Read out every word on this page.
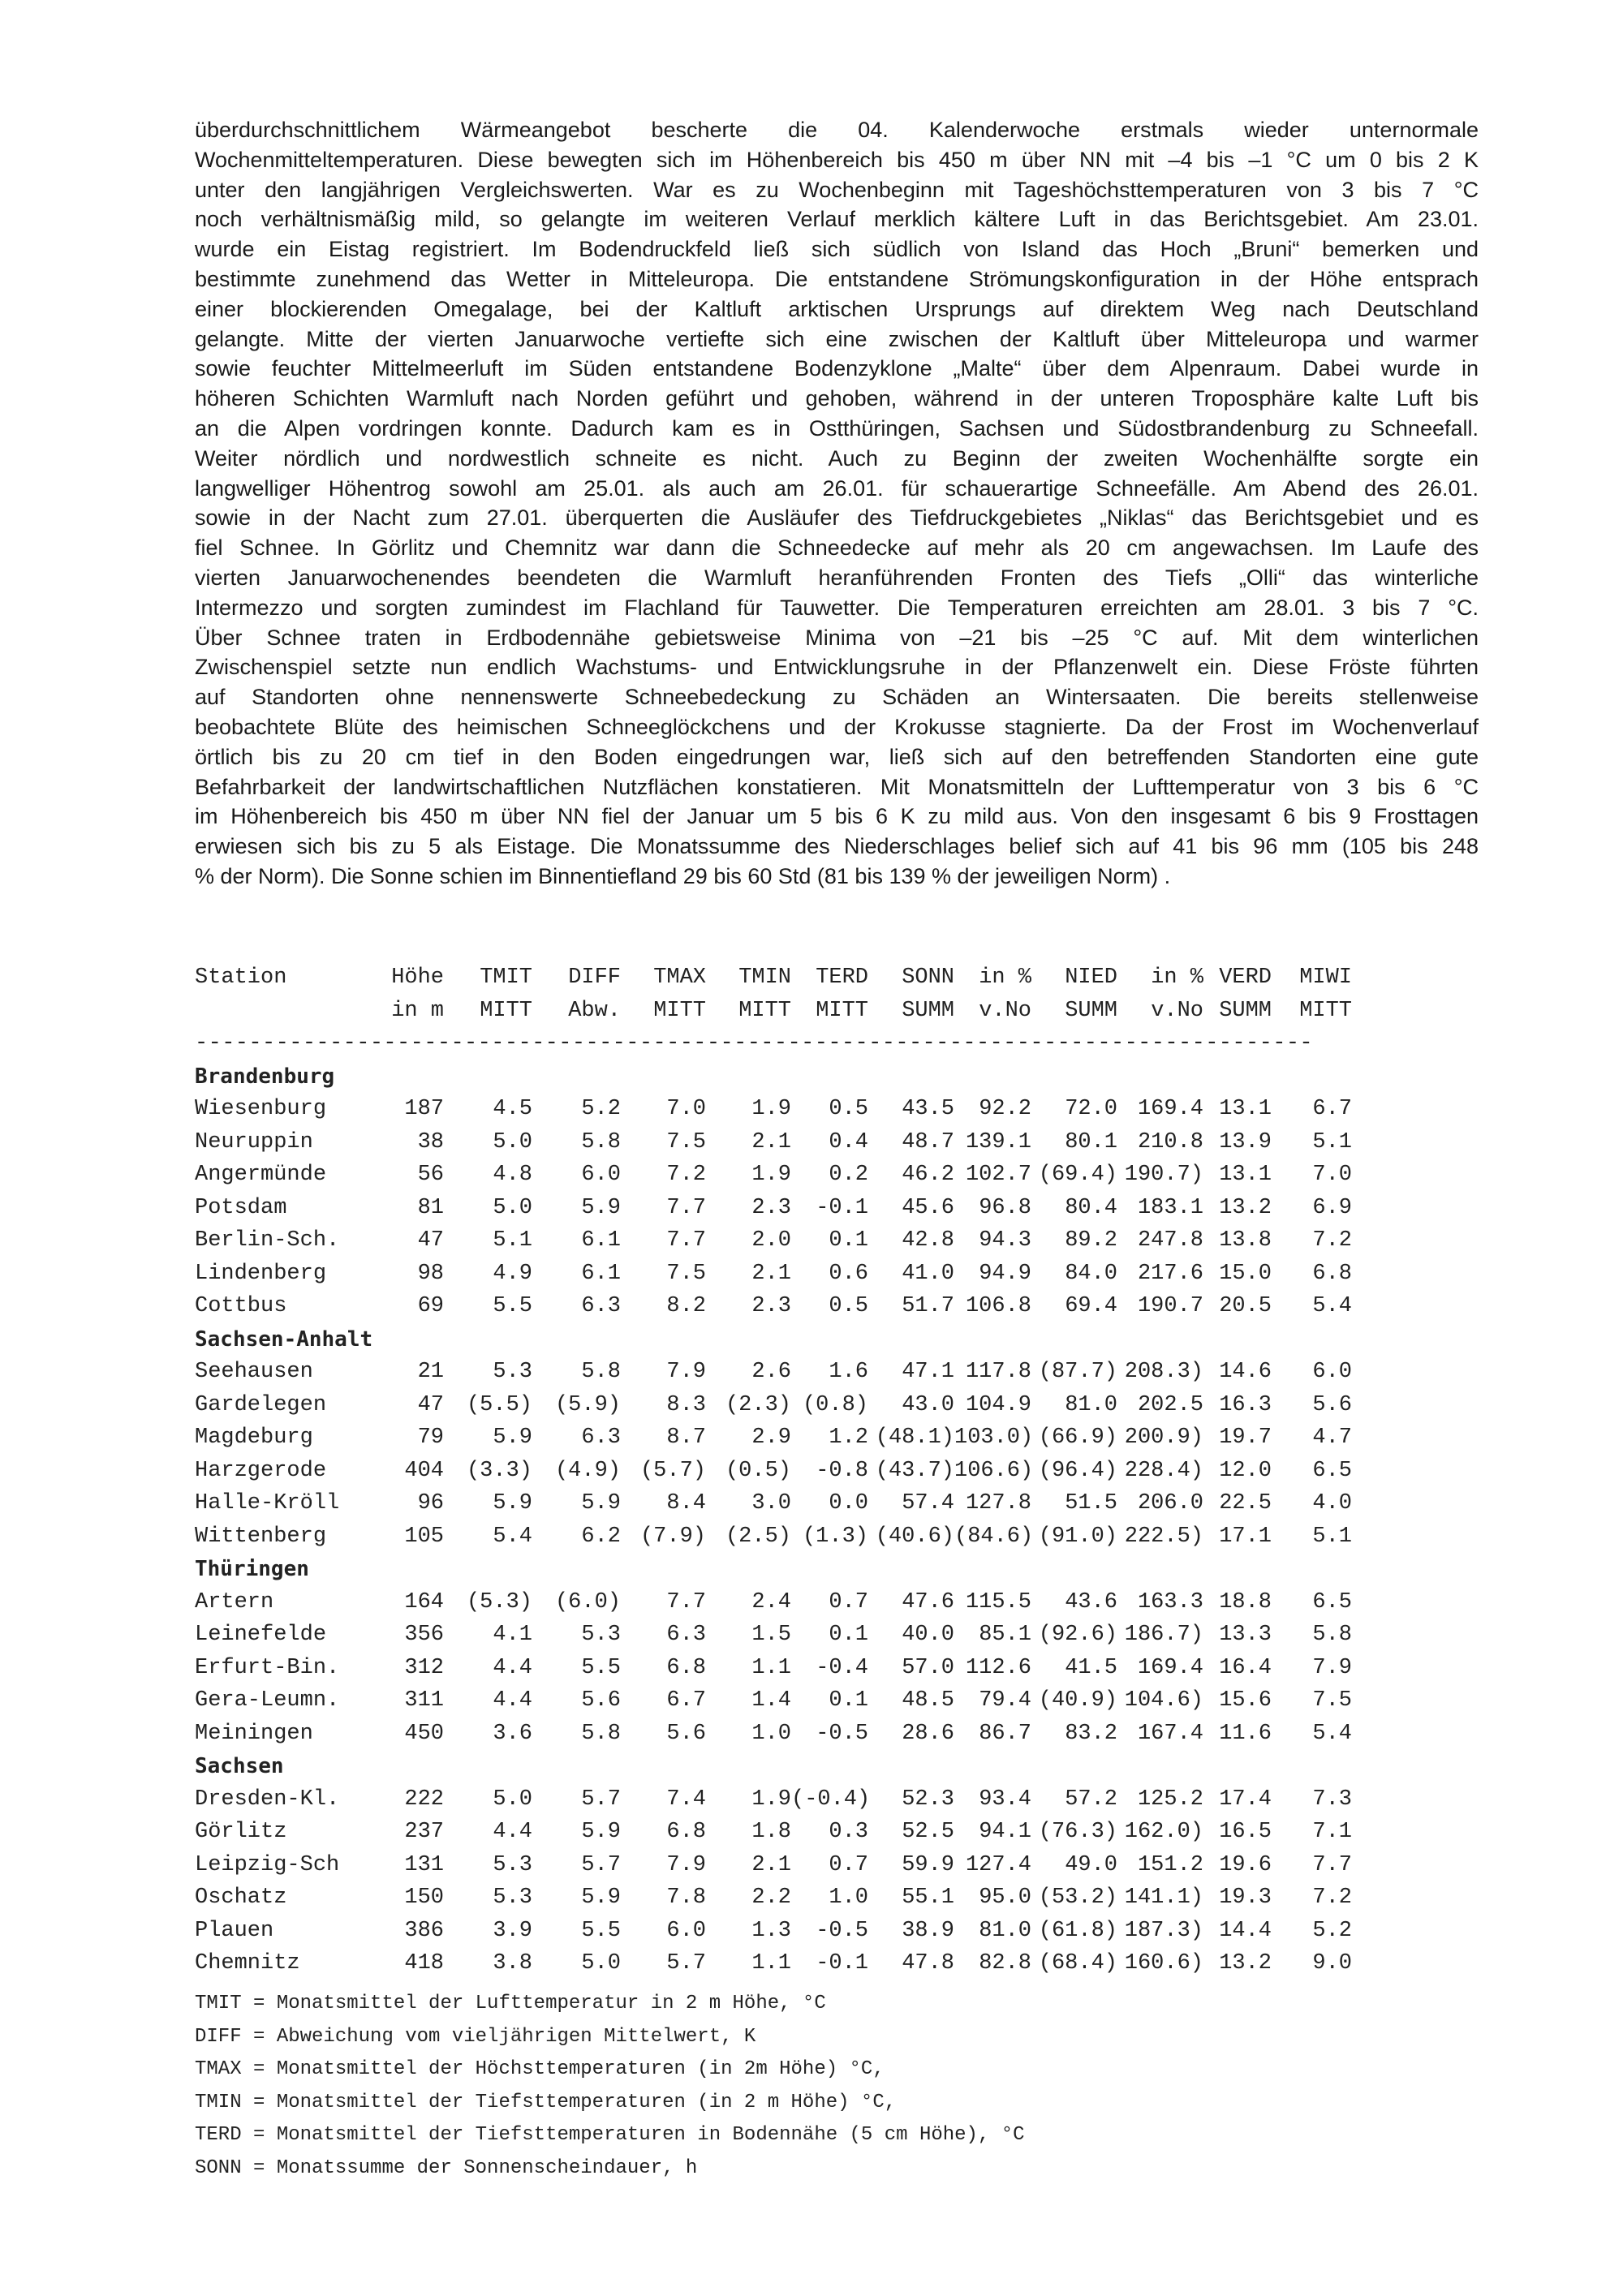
überdurchschnittlichem Wärmeangebot bescherte die 04. Kalenderwoche erstmals wieder unternormale
Wochenmitteltemperaturen. Diese bewegten sich im Höhenbereich bis 450 m über NN mit –4 bis –1 °C um 0 bis 2 K
unter den langjährigen Vergleichswerten. War es zu Wochenbeginn mit Tageshöchsttemperaturen von 3 bis 7 °C
noch verhältnismäßig mild, so gelangte im weiteren Verlauf merklich kältere Luft in das Berichtsgebiet. Am 23.01.
wurde ein Eistag registriert. Im Bodendruckfeld ließ sich südlich von Island das Hoch „Bruni“ bemerken und
bestimmte zunehmend das Wetter in Mitteleuropa. Die entstandene Strömungskonfiguration in der Höhe entsprach
einer blockierenden Omegalage, bei der Kaltluft arktischen Ursprungs auf direktem Weg nach Deutschland
gelangte. Mitte der vierten Januarwoche vertiefte sich eine zwischen der Kaltluft über Mitteleuropa und warmer
sowie feuchter Mittelmeerluft im Süden entstandene Bodenzyklone „Malte“ über dem Alpenraum. Dabei wurde in
höheren Schichten Warmluft nach Norden geführt und gehoben, während in der unteren Troposphäre kalte Luft bis
an die Alpen vordringen konnte. Dadurch kam es in Ostthüringen, Sachsen und Südostbrandenburg zu Schneefall.
Weiter nördlich und nordwestlich schneite es nicht. Auch zu Beginn der zweiten Wochenhälfte sorgte ein
langwelliger Höhentrog sowohl am 25.01. als auch am 26.01. für schauerartige Schneefälle. Am Abend des 26.01.
sowie in der Nacht zum 27.01. überquerten die Ausläufer des Tiefdruckgebietes „Niklas“ das Berichtsgebiet und es
fiel Schnee. In Görlitz und Chemnitz war dann die Schneedecke auf mehr als 20 cm angewachsen. Im Laufe des
vierten Januarwochenendes beendeten die Warmluft heranführenden Fronten des Tiefs „Olli“ das winterliche
Intermezzo und sorgten zumindest im Flachland für Tauwetter. Die Temperaturen erreichten am 28.01. 3 bis 7 °C.
Über Schnee traten in Erdbodennähe gebietsweise Minima von –21 bis –25 °C auf. Mit dem winterlichen
Zwischenspiel setzte nun endlich Wachstums- und Entwicklungsruhe in der Pflanzenwelt ein. Diese Fröste führten
auf Standorten ohne nennenswerte Schneebedeckung zu Schäden an Wintersaaten. Die bereits stellenweise
beobachtete Blüte des heimischen Schneeglöckchens und der Krokusse stagnierte. Da der Frost im Wochenverlauf
örtlich bis zu 20 cm tief in den Boden eingedrungen war, ließ sich auf den betreffenden Standorten eine gute
Befahrbarkeit der landwirtschaftlichen Nutzflächen konstatieren. Mit Monatsmitteln der Lufttemperatur von 3 bis 6 °C
im Höhenbereich bis 450 m über NN fiel der Januar um 5 bis 6 K zu mild aus. Von den insgesamt 6 bis 9 Frosttagen
erwiesen sich bis zu 5 als Eistage. Die Monatssumme des Niederschlages belief sich auf 41 bis 96 mm (105 bis 248
% der Norm). Die Sonne schien im Binnentiefland 29 bis 60 Std (81 bis 139 % der jeweiligen Norm) .

Station	Höhe	TMIT	DIFF	TMAX	TMIN	TERD	SONN	in %	NIED	in % VERD	MIWI
in m	MITT	Abw.	MITT	MITT	MITT	SUMM	v.No	SUMM	v.No SUMM	MITT
-----------------------------------------------------------------------------------
Brandenburg
Wiesenburg	187	4.5	5.2	7.0	1.9	0.5	43.5	92.2	72.0 169.4 13.1	6.7
Neuruppin	38	5.0	5.8	7.5	2.1	0.4	48.7 139.1	80.1 210.8 13.9	5.1
Angermünde	56	4.8	6.0	7.2	1.9	0.2	46.2 102.7 (69.4) 190.7) 13.1	7.0
Potsdam	81	5.0	5.9	7.7	2.3	-0.1	45.6	96.8	80.4 183.1 13.2	6.9
Berlin-Sch.	47	5.1	6.1	7.7	2.0	0.1	42.8	94.3	89.2 247.8 13.8	7.2
Lindenberg	98	4.9	6.1	7.5	2.1	0.6	41.0	94.9	84.0 217.6 15.0	6.8
Cottbus	69	5.5	6.3	8.2	2.3	0.5	51.7 106.8	69.4 190.7 20.5	5.4
Sachsen-Anhalt
Seehausen	21	5.3	5.8	7.9	2.6	1.6	47.1 117.8 (87.7) 208.3) 14.6	6.0
Gardelegen	47	(5.5)	(5.9)	8.3 (2.3) (0.8)	43.0 104.9	81.0 202.5 16.3	5.6
Magdeburg	79	5.9	6.3	8.7	2.9	1.2 (48.1) 103.0) (66.9) 200.9) 19.7	4.7
Harzgerode	404	(3.3)	(4.9) (5.7) (0.5)	-0.8 (43.7) 106.6) (96.4) 228.4) 12.0	6.5
Halle-Kröll	96	5.9	5.9	8.4	3.0	0.0	57.4 127.8	51.5 206.0 22.5	4.0
Wittenberg	105	5.4	6.2 (7.9) (2.5) (1.3) (40.6) (84.6) (91.0) 222.5) 17.1	5.1
Thüringen
Artern	164	(5.3)	(6.0)	7.7	2.4	0.7	47.6 115.5	43.6 163.3 18.8	6.5
Leinefelde	356	4.1	5.3	6.3	1.5	0.1	40.0	85.1 (92.6) 186.7) 13.3	5.8
Erfurt-Bin.	312	4.4	5.5	6.8	1.1	-0.4	57.0 112.6	41.5 169.4 16.4	7.9
Gera-Leumn.	311	4.4	5.6	6.7	1.4	0.1	48.5	79.4 (40.9) 104.6) 15.6	7.5
Meiningen	450	3.6	5.8	5.6	1.0	-0.5	28.6	86.7	83.2 167.4 11.6	5.4
Sachsen
Dresden-Kl.	222	5.0	5.7	7.4	1.9 (-0.4)	52.3	93.4	57.2 125.2 17.4	7.3
Görlitz	237	4.4	5.9	6.8	1.8	0.3	52.5	94.1 (76.3) 162.0) 16.5	7.1
Leipzig-Sch	131	5.3	5.7	7.9	2.1	0.7	59.9 127.4	49.0 151.2 19.6	7.7
Oschatz	150	5.3	5.9	7.8	2.2	1.0	55.1	95.0 (53.2) 141.1) 19.3	7.2
Plauen	386	3.9	5.5	6.0	1.3	-0.5	38.9	81.0 (61.8) 187.3) 14.4	5.2
Chemnitz	418	3.8	5.0	5.7	1.1	-0.1	47.8	82.8 (68.4) 160.6) 13.2	9.0
TMIT = Monatsmittel der Lufttemperatur in 2 m Höhe, °C
DIFF = Abweichung vom vieljährigen Mittelwert, K
TMAX = Monatsmittel der Höchsttemperaturen (in 2m Höhe) °C,
TMIN = Monatsmittel der Tiefsttemperaturen (in 2 m Höhe) °C,
TERD = Monatsmittel der Tiefsttemperaturen in Bodennähe (5 cm Höhe), °C
SONN = Monatssumme der Sonnenscheindauer, h
